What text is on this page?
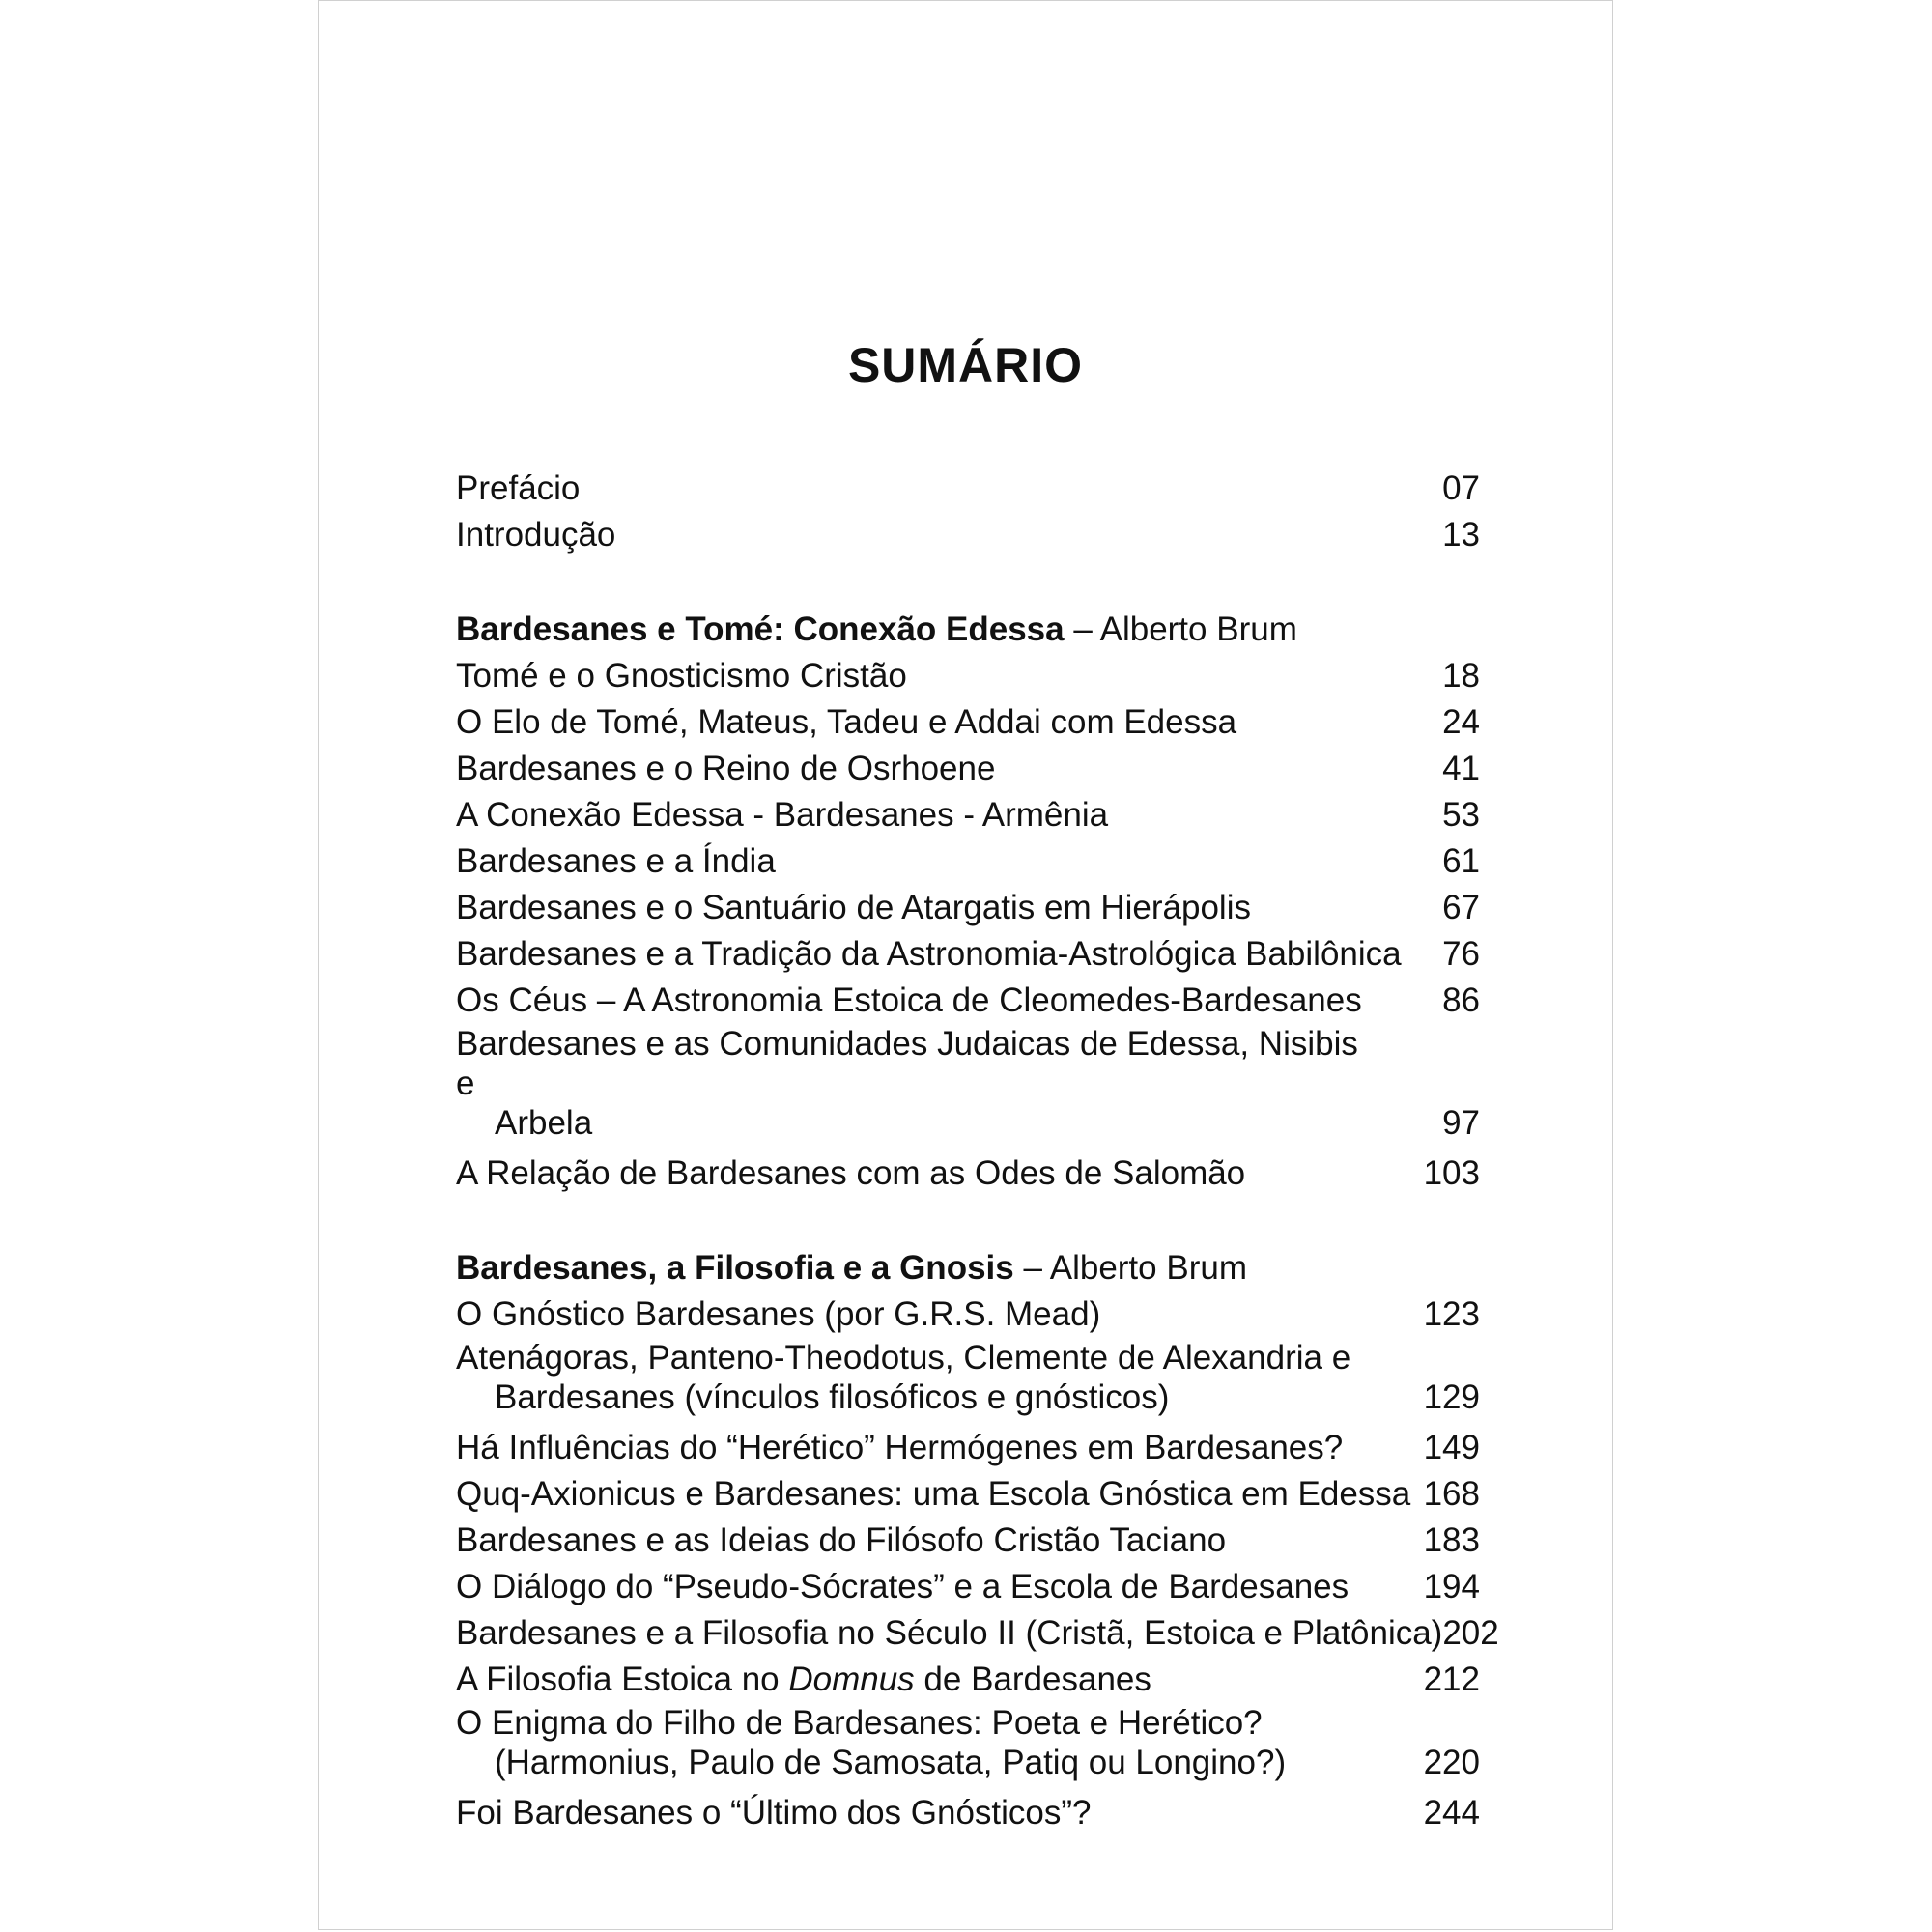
SUMÁRIO
Prefácio	07
Introdução	13
Bardesanes e Tomé: Conexão Edessa
– Alberto Brum
Tomé e o Gnosticismo Cristão	18
O Elo de Tomé, Mateus, Tadeu e Addai com Edessa	24
Bardesanes e o Reino de Osrhoene	41
A Conexão Edessa - Bardesanes - Armênia	53
Bardesanes e a Índia	61
Bardesanes e o Santuário de Atargatis em Hierápolis	67
Bardesanes e a Tradição da Astronomia-Astrológica Babilônica 76
Os Céus – A Astronomia Estoica de Cleomedes-Bardesanes 86
Bardesanes e as Comunidades Judaicas de Edessa, Nisibis e
Arbela	97
A Relação de Bardesanes com as Odes de Salomão	103
Bardesanes, a Filosofia e a Gnosis
– Alberto Brum
O Gnóstico Bardesanes (por G.R.S. Mead)	123
Atenágoras, Panteno-Theodotus, Clemente de Alexandria e
Bardesanes (vínculos filosóficos e gnósticos)	129
Há Influências do “Herético” Hermógenes em Bardesanes? 149
Quq-Axionicus e Bardesanes: uma Escola Gnóstica em Edessa 168
Bardesanes e as Ideias do Filósofo Cristão Taciano	183
O Diálogo do “Pseudo-Sócrates” e a Escola de Bardesanes 194
Bardesanes e a Filosofia no Século II (Cristã, Estoica e Platônica) 202
A Filosofia Estoica no Domnus de Bardesanes	212
O Enigma do Filho de Bardesanes: Poeta e Herético?
(Harmonius, Paulo de Samosata, Patiq ou Longino?)	220
Foi Bardesanes o “Último dos Gnósticos”?	244
